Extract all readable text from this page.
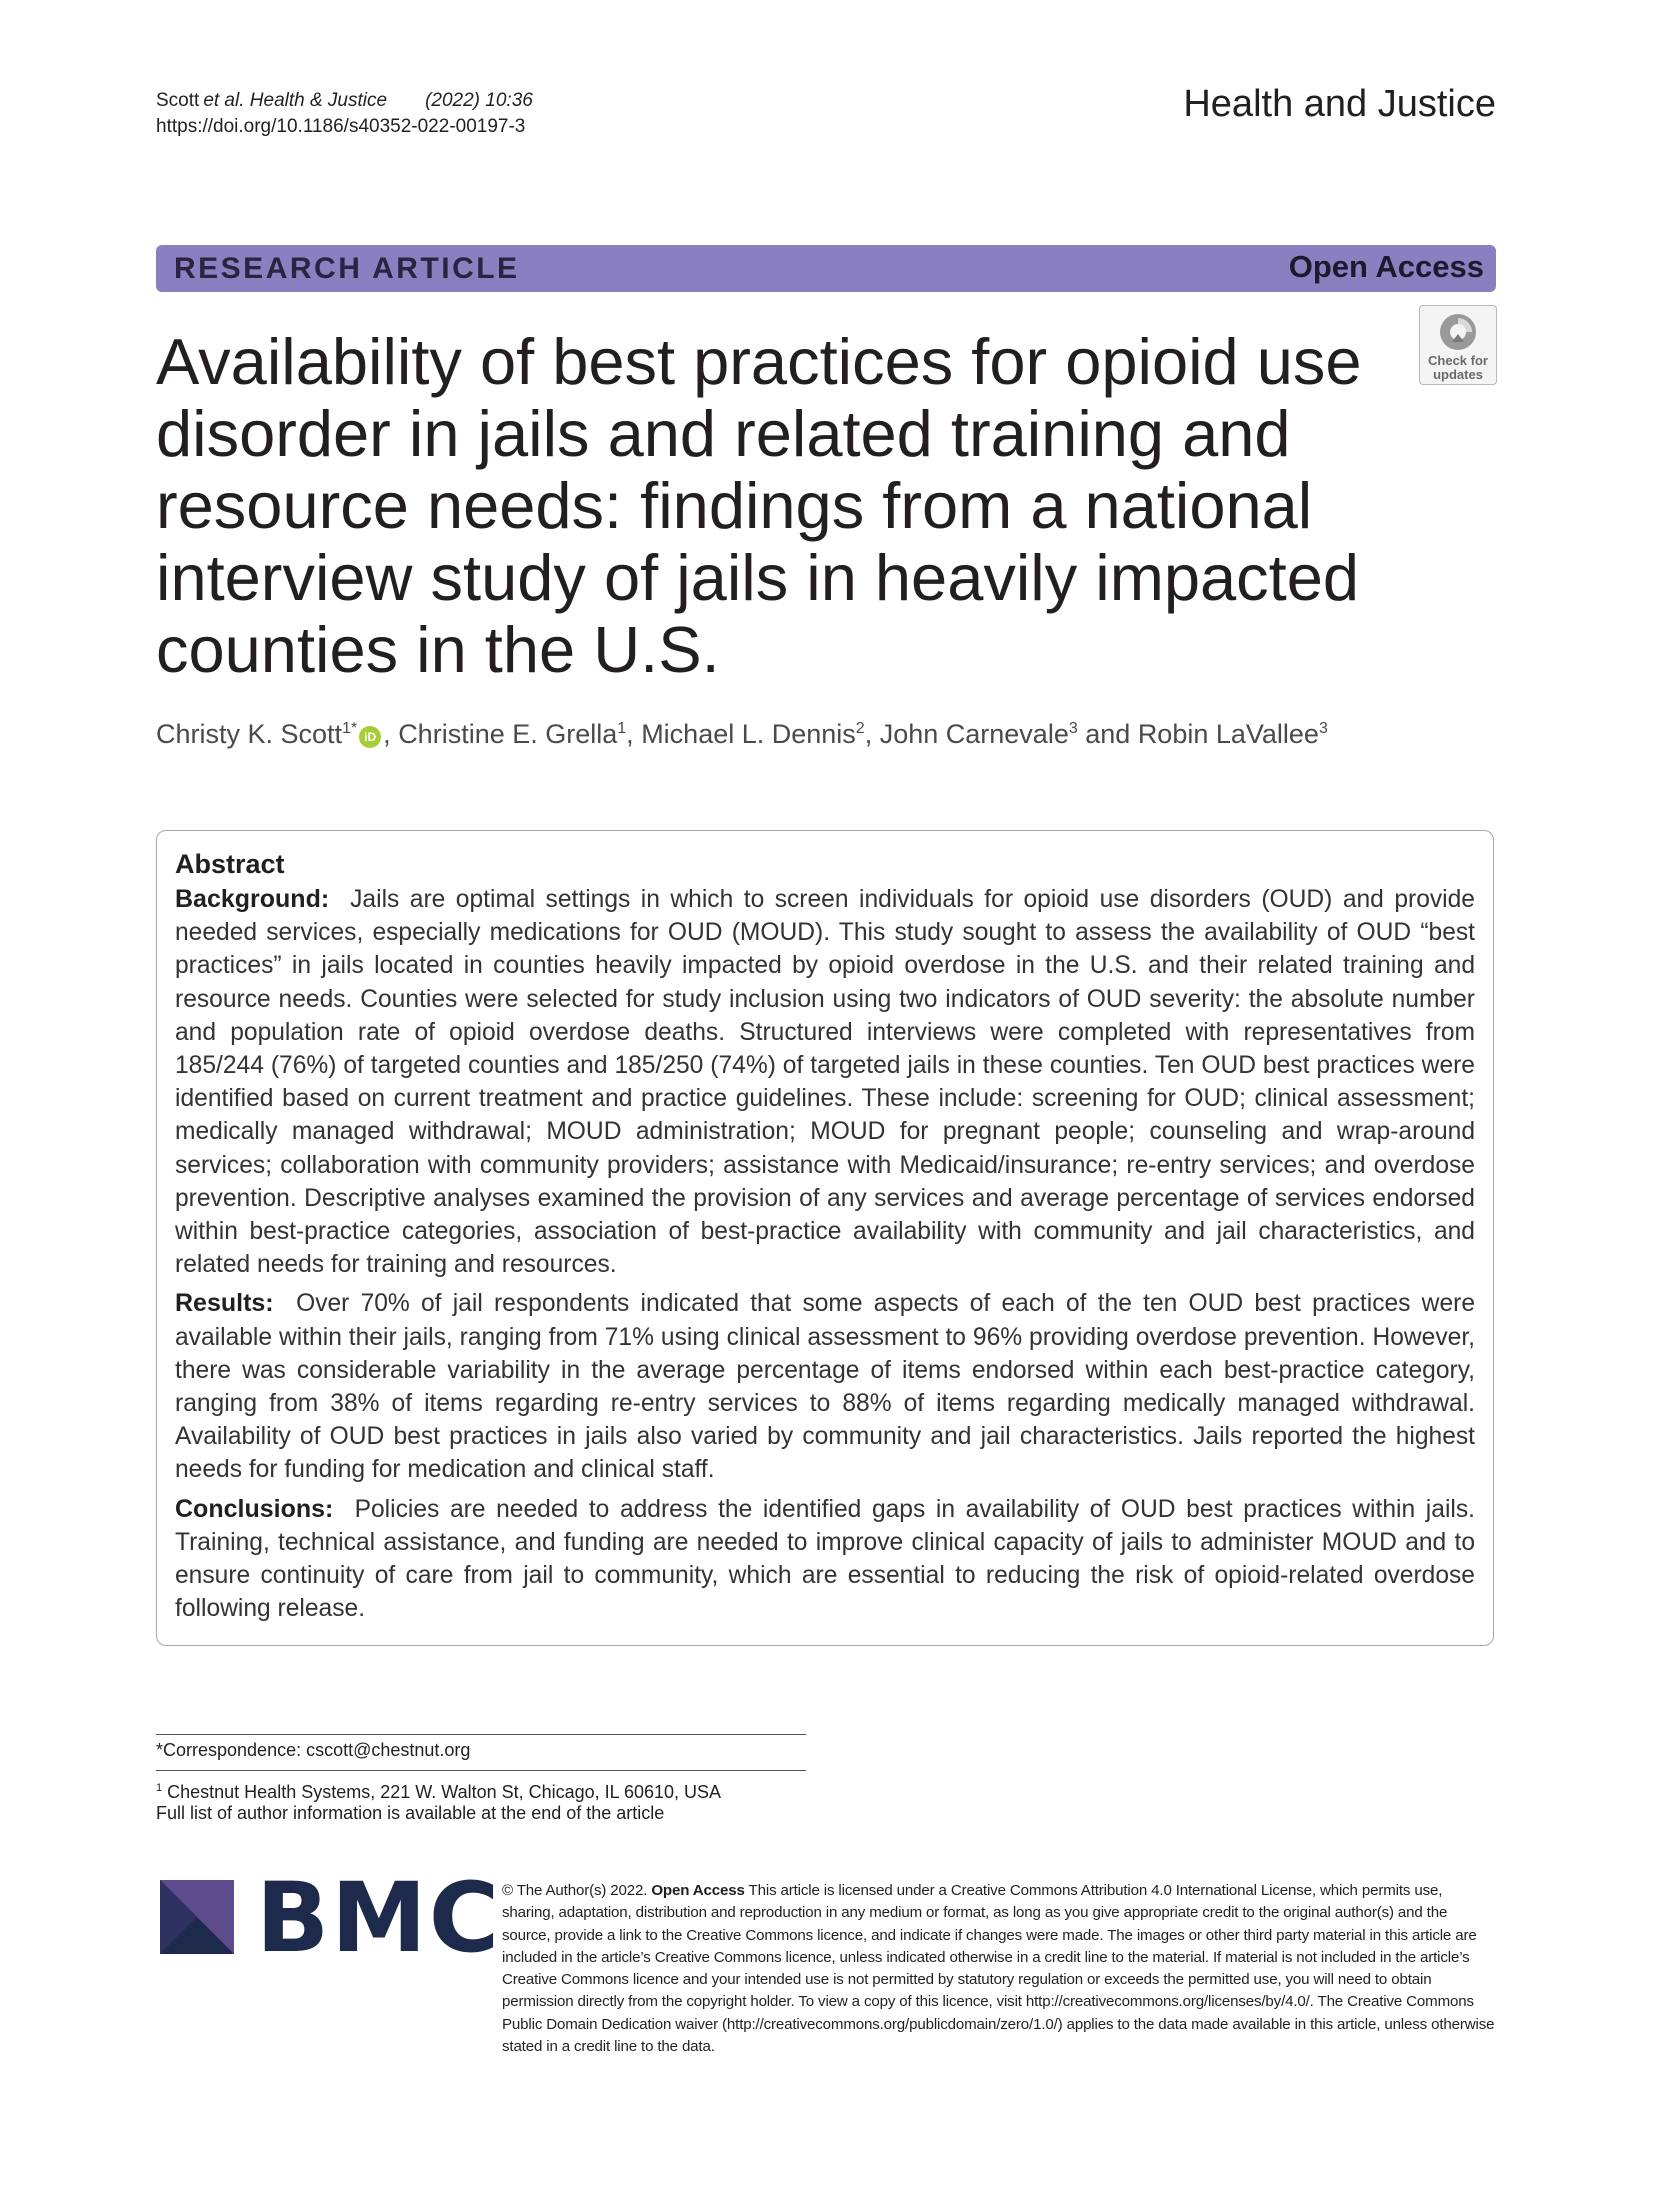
Scott et al. Health & Justice (2022) 10:36
https://doi.org/10.1186/s40352-022-00197-3
Health and Justice
RESEARCH ARTICLE	Open Access
Check for
updates
Availability of best practices for opioid use disorder in jails and related training and resource needs: findings from a national interview study of jails in heavily impacted counties in the U.S.
Christy K. Scott$^{1*}$ iD , Christine E. Grella$^1$, Michael L. Dennis$^2$, John Carnevale$^3$ and Robin LaVallee$^3$
Abstract

Background: Jails are optimal settings in which to screen individuals for opioid use disorders (OUD) and provide needed services, especially medications for OUD (MOUD). This study sought to assess the availability of OUD “best practices” in jails located in counties heavily impacted by opioid overdose in the U.S. and their related training and resource needs. Counties were selected for study inclusion using two indicators of OUD severity: the absolute number and population rate of opioid overdose deaths. Structured interviews were completed with representatives from 185/244 (76%) of targeted counties and 185/250 (74%) of targeted jails in these counties. Ten OUD best practices were identified based on current treatment and practice guidelines. These include: screening for OUD; clinical assessment; medically managed withdrawal; MOUD administration; MOUD for pregnant people; counseling and wrap-around services; collaboration with community providers; assistance with Medicaid/insurance; re-entry services; and overdose prevention. Descriptive analyses examined the provision of any services and average percentage of services endorsed within best-practice categories, association of best-practice availability with community and jail characteristics, and related needs for training and resources.

Results: Over 70% of jail respondents indicated that some aspects of each of the ten OUD best practices were available within their jails, ranging from 71% using clinical assessment to 96% providing overdose prevention. However, there was considerable variability in the average percentage of items endorsed within each best-practice category, ranging from 38% of items regarding re-entry services to 88% of items regarding medically managed withdrawal. Availability of OUD best practices in jails also varied by community and jail characteristics. Jails reported the highest needs for funding for medication and clinical staff.

Conclusions: Policies are needed to address the identified gaps in availability of OUD best practices within jails. Training, technical assistance, and funding are needed to improve clinical capacity of jails to administer MOUD and to ensure continuity of care from jail to community, which are essential to reducing the risk of opioid-related overdose following release.

*Correspondence: cscott@chestnut.org
$^1$ Chestnut Health Systems, 221 W. Walton St, Chicago, IL 60610, USA
Full list of author information is available at the end of the article
BMC © The Author(s) 2022. Open Access This article is licensed under a Creative Commons Attribution 4.0 International License, which permits use, sharing, adaptation, distribution and reproduction in any medium or format, as long as you give appropriate credit to the original author(s) and the source, provide a link to the Creative Commons licence, and indicate if changes were made. The images or other third party material in this article are included in the article’s Creative Commons licence, unless indicated otherwise in a credit line to the material. If material is not included in the article’s Creative Commons licence and your intended use is not permitted by statutory regulation or exceeds the permitted use, you will need to obtain permission directly from the copyright holder. To view a copy of this licence, visit http://creativecommons.org/licenses/by/4.0/. The Creative Commons Public Domain Dedication waiver (http://creativecommons.org/publicdomain/zero/1.0/) applies to the data made available in this article, unless otherwise stated in a credit line to the data.
